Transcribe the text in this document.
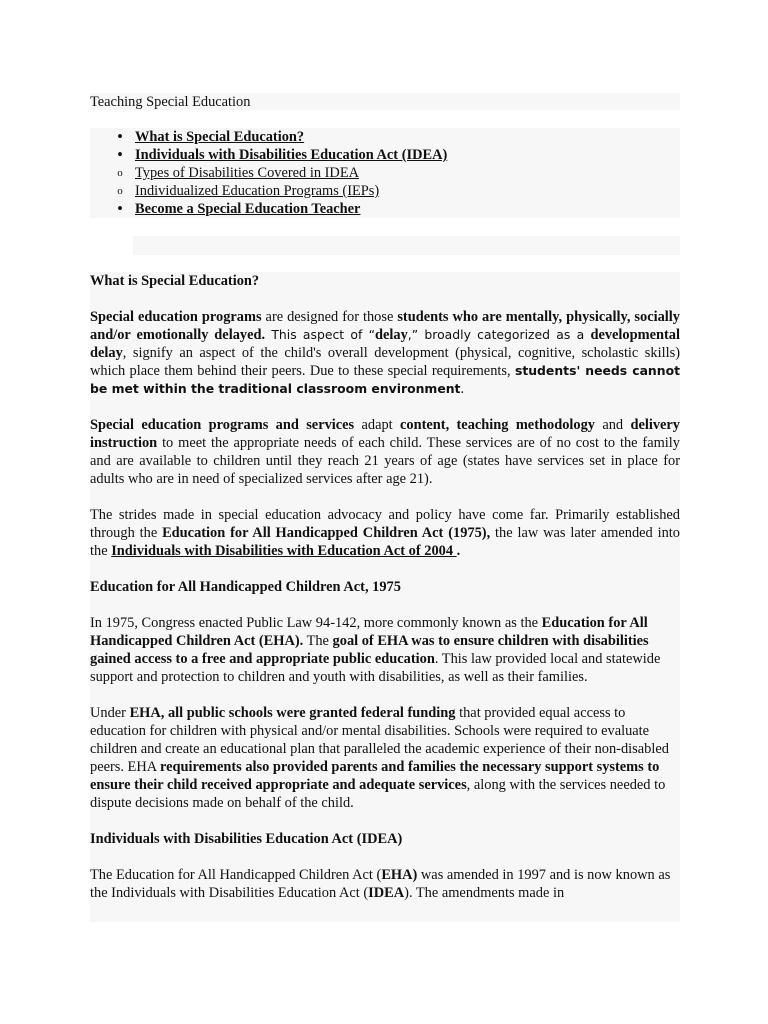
Teaching Special Education
• What is Special Education?
• Individuals with Disabilities Education Act (IDEA)
o Types of Disabilities Covered in IDEA
o Individualized Education Programs (IEPs)
• Become a Special Education Teacher

What is Special Education?

Special education programs are designed for those students who are mentally, physically, socially and/or emotionally delayed. This aspect of “delay,” broadly categorized as a developmental delay, signify an aspect of the child's overall development (physical, cognitive, scholastic skills) which place them behind their peers. Due to these special requirements, students' needs cannot be met within the traditional classroom environment.

Special education programs and services adapt content, teaching methodology and delivery instruction to meet the appropriate needs of each child. These services are of no cost to the family and are available to children until they reach 21 years of age (states have services set in place for adults who are in need of specialized services after age 21).

The strides made in special education advocacy and policy have come far. Primarily established through the Education for All Handicapped Children Act (1975), the law was later amended into the Individuals with Disabilities with Education Act of 2004 .

Education for All Handicapped Children Act, 1975

In 1975, Congress enacted Public Law 94-142, more commonly known as the Education for All Handicapped Children Act (EHA). The goal of EHA was to ensure children with disabilities gained access to a free and appropriate public education. This law provided local and statewide support and protection to children and youth with disabilities, as well as their families.

Under EHA, all public schools were granted federal funding that provided equal access to education for children with physical and/or mental disabilities. Schools were required to evaluate children and create an educational plan that paralleled the academic experience of their non-disabled peers. EHA requirements also provided parents and families the necessary support systems to ensure their child received appropriate and adequate services, along with the services needed to dispute decisions made on behalf of the child.

Individuals with Disabilities Education Act (IDEA)

The Education for All Handicapped Children Act (EHA) was amended in 1997 and is now known as the Individuals with Disabilities Education Act (IDEA). The amendments made in
